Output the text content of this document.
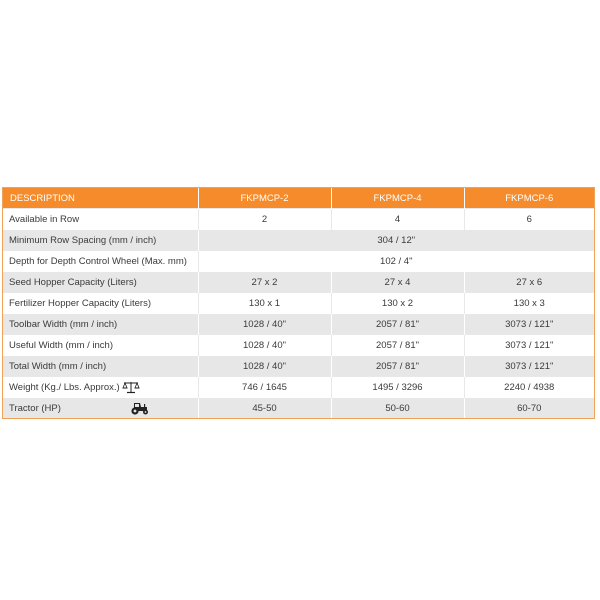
DESCRIPTION	FKPMCP-2	FKPMCP-4	FKPMCP-6
Available in Row	2	4	6
Minimum Row Spacing (mm / inch)	304 / 12"		
Depth for Depth Control Wheel (Max. mm)	102 / 4"		
Seed Hopper Capacity (Liters)	27 x 2	27 x 4	27 x 6
Fertilizer Hopper Capacity (Liters)	130 x 1	130 x 2	130 x 3
Toolbar Width (mm / inch)	1028 / 40"	2057 / 81"	3073 / 121"
Useful Width (mm / inch)	1028 / 40"	2057 / 81"	3073 / 121"
Total Width (mm / inch)	1028 / 40"	2057 / 81"	3073 / 121"
Weight (Kg./ Lbs. Approx.)	746 / 1645	1495 / 3296	2240 / 4938
Tractor (HP)	45-50	50-60	60-70
